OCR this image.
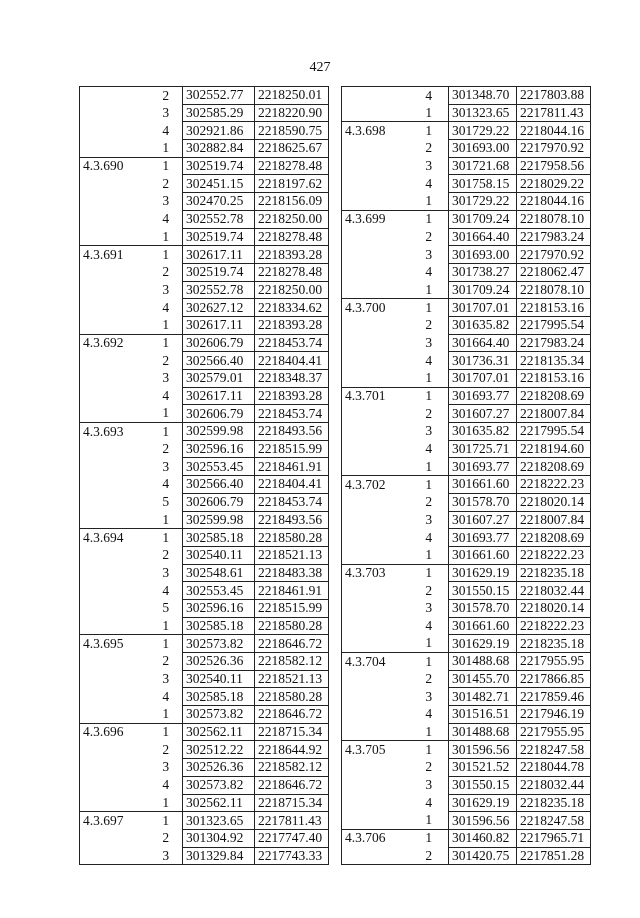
427
	2	302552.77	2218250.01
	3	302585.29	2218220.90
	4	302921.86	2218590.75
	1	302882.84	2218625.67
4.3.690	1	302519.74	2218278.48
	2	302451.15	2218197.62
	3	302470.25	2218156.09
	4	302552.78	2218250.00
	1	302519.74	2218278.48
4.3.691	1	302617.11	2218393.28
	2	302519.74	2218278.48
	3	302552.78	2218250.00
	4	302627.12	2218334.62
	1	302617.11	2218393.28
4.3.692	1	302606.79	2218453.74
	2	302566.40	2218404.41
	3	302579.01	2218348.37
	4	302617.11	2218393.28
	1	302606.79	2218453.74
4.3.693	1	302599.98	2218493.56
	2	302596.16	2218515.99
	3	302553.45	2218461.91
	4	302566.40	2218404.41
	5	302606.79	2218453.74
	1	302599.98	2218493.56
4.3.694	1	302585.18	2218580.28
	2	302540.11	2218521.13
	3	302548.61	2218483.38
	4	302553.45	2218461.91
	5	302596.16	2218515.99
	1	302585.18	2218580.28
4.3.695	1	302573.82	2218646.72
	2	302526.36	2218582.12
	3	302540.11	2218521.13
	4	302585.18	2218580.28
	1	302573.82	2218646.72
4.3.696	1	302562.11	2218715.34
	2	302512.22	2218644.92
	3	302526.36	2218582.12
	4	302573.82	2218646.72
	1	302562.11	2218715.34
4.3.697	1	301323.65	2217811.43
	2	301304.92	2217747.40
	3	301329.84	2217743.33
	4	301348.70	2217803.88
	1	301323.65	2217811.43
4.3.698	1	301729.22	2218044.16
	2	301693.00	2217970.92
	3	301721.68	2217958.56
	4	301758.15	2218029.22
	1	301729.22	2218044.16
4.3.699	1	301709.24	2218078.10
	2	301664.40	2217983.24
	3	301693.00	2217970.92
	4	301738.27	2218062.47
	1	301709.24	2218078.10
4.3.700	1	301707.01	2218153.16
	2	301635.82	2217995.54
	3	301664.40	2217983.24
	4	301736.31	2218135.34
	1	301707.01	2218153.16
4.3.701	1	301693.77	2218208.69
	2	301607.27	2218007.84
	3	301635.82	2217995.54
	4	301725.71	2218194.60
	1	301693.77	2218208.69
4.3.702	1	301661.60	2218222.23
	2	301578.70	2218020.14
	3	301607.27	2218007.84
	4	301693.77	2218208.69
	1	301661.60	2218222.23
4.3.703	1	301629.19	2218235.18
	2	301550.15	2218032.44
	3	301578.70	2218020.14
	4	301661.60	2218222.23
	1	301629.19	2218235.18
4.3.704	1	301488.68	2217955.95
	2	301455.70	2217866.85
	3	301482.71	2217859.46
	4	301516.51	2217946.19
	1	301488.68	2217955.95
4.3.705	1	301596.56	2218247.58
	2	301521.52	2218044.78
	3	301550.15	2218032.44
	4	301629.19	2218235.18
	1	301596.56	2218247.58
4.3.706	1	301460.82	2217965.71
	2	301420.75	2217851.28
